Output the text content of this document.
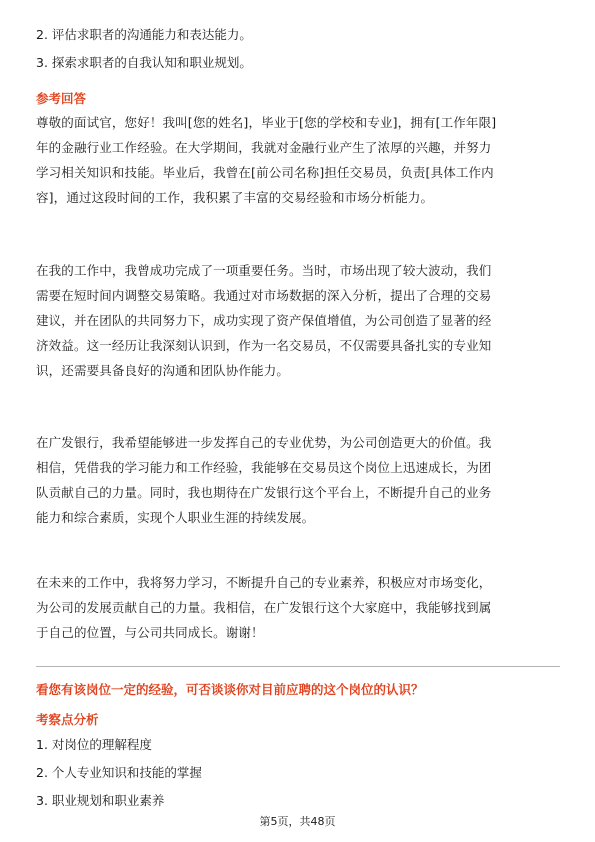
2. 评估求职者的沟通能力和表达能力。
3. 探索求职者的自我认知和职业规划。
参考回答
尊敬的面试官，您好！我叫[您的姓名]，毕业于[您的学校和专业]，拥有[工作年限]
年的金融行业工作经验。在大学期间，我就对金融行业产生了浓厚的兴趣，并努力
学习相关知识和技能。毕业后，我曾在[前公司名称]担任交易员，负责[具体工作内
容]，通过这段时间的工作，我积累了丰富的交易经验和市场分析能力。
在我的工作中，我曾成功完成了一项重要任务。当时，市场出现了较大波动，我们
需要在短时间内调整交易策略。我通过对市场数据的深入分析，提出了合理的交易
建议，并在团队的共同努力下，成功实现了资产保值增值，为公司创造了显著的经
济效益。这一经历让我深刻认识到，作为一名交易员，不仅需要具备扎实的专业知
识，还需要具备良好的沟通和团队协作能力。
在广发银行，我希望能够进一步发挥自己的专业优势，为公司创造更大的价值。我
相信，凭借我的学习能力和工作经验，我能够在交易员这个岗位上迅速成长，为团
队贡献自己的力量。同时，我也期待在广发银行这个平台上，不断提升自己的业务
能力和综合素质，实现个人职业生涯的持续发展。
在未来的工作中，我将努力学习，不断提升自己的专业素养，积极应对市场变化，
为公司的发展贡献自己的力量。我相信，在广发银行这个大家庭中，我能够找到属
于自己的位置，与公司共同成长。谢谢！
看您有该岗位一定的经验，可否谈谈你对目前应聘的这个岗位的认识？
考察点分析
1. 对岗位的理解程度
2. 个人专业知识和技能的掌握
3. 职业规划和职业素养
第5页，共48页
